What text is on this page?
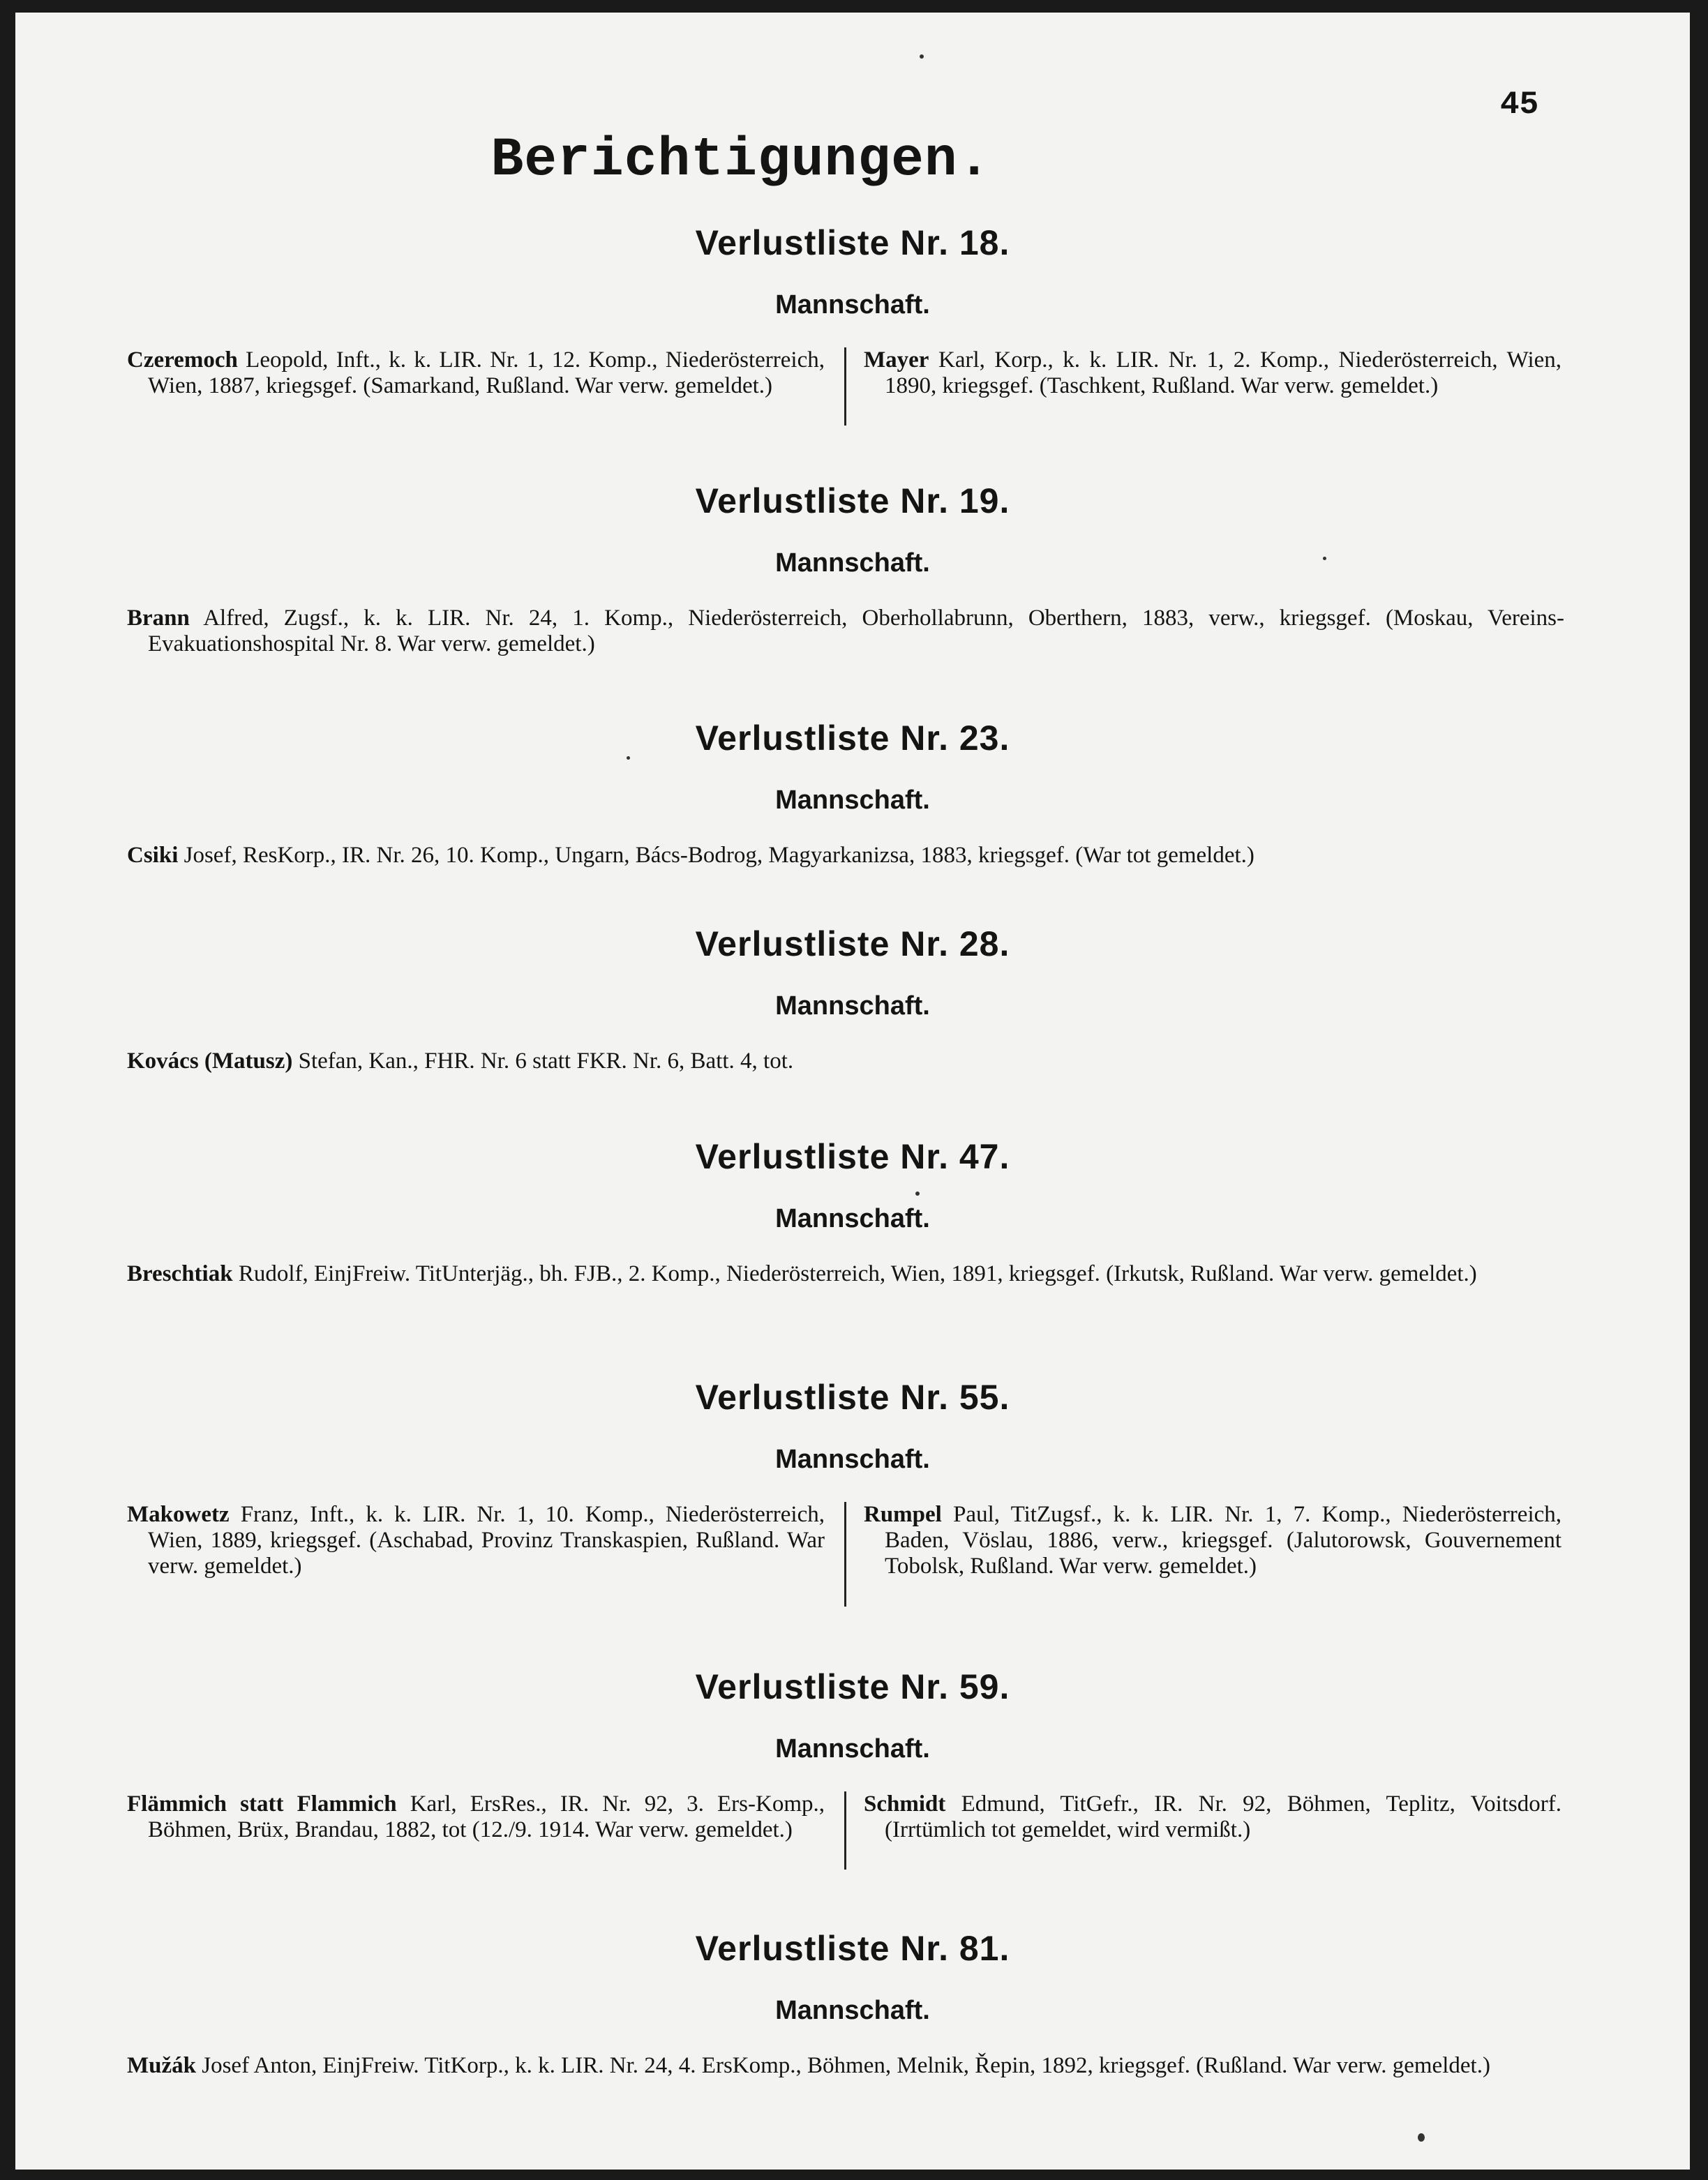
45
Berichtigungen.
Verlustliste Nr. 18.
Mannschaft.
Czeremoch Leopold, Inft., k. k. LIR. Nr. 1, 12. Komp., Niederösterreich, Wien, 1887, kriegsgef. (Samarkand, Rußland. War verw. gemeldet.)
Mayer Karl, Korp., k. k. LIR. Nr. 1, 2. Komp., Niederösterreich, Wien, 1890, kriegsgef. (Taschkent, Rußland. War verw. gemeldet.)
Verlustliste Nr. 19.
Mannschaft.
Brann Alfred, Zugsf., k. k. LIR. Nr. 24, 1. Komp., Niederösterreich, Oberhollabrunn, Oberthern, 1883, verw., kriegsgef. (Moskau, Vereins-Evakuationshospital Nr. 8. War verw. gemeldet.)
Verlustliste Nr. 23.
Mannschaft.
Csiki Josef, ResKorp., IR. Nr. 26, 10. Komp., Ungarn, Bács-Bodrog, Magyarkanizsa, 1883, kriegsgef. (War tot gemeldet.)
Verlustliste Nr. 28.
Mannschaft.
Kovács (Matusz) Stefan, Kan., FHR. Nr. 6 statt FKR. Nr. 6, Batt. 4, tot.
Verlustliste Nr. 47.
Mannschaft.
Breschtiak Rudolf, EinjFreiw. TitUnterjäg., bh. FJB., 2. Komp., Niederösterreich, Wien, 1891, kriegsgef. (Irkutsk, Rußland. War verw. gemeldet.)
Verlustliste Nr. 55.
Mannschaft.
Makowetz Franz, Inft., k. k. LIR. Nr. 1, 10. Komp., Niederösterreich, Wien, 1889, kriegsgef. (Aschabad, Provinz Transkaspien, Rußland. War verw. gemeldet.)
Rumpel Paul, TitZugsf., k. k. LIR. Nr. 1, 7. Komp., Niederösterreich, Baden, Vöslau, 1886, verw., kriegsgef. (Jalutorowsk, Gouvernement Tobolsk, Rußland. War verw. gemeldet.)
Verlustliste Nr. 59.
Mannschaft.
Flämmich statt Flammich Karl, ErsRes., IR. Nr. 92, 3. Ers-Komp., Böhmen, Brüx, Brandau, 1882, tot (12./9. 1914. War verw. gemeldet.)
Schmidt Edmund, TitGefr., IR. Nr. 92, Böhmen, Teplitz, Voitsdorf. (Irrtümlich tot gemeldet, wird vermißt.)
Verlustliste Nr. 81.
Mannschaft.
Mužák Josef Anton, EinjFreiw. TitKorp., k. k. LIR. Nr. 24, 4. ErsKomp., Böhmen, Melnik, Řepin, 1892, kriegsgef. (Rußland. War verw. gemeldet.)
